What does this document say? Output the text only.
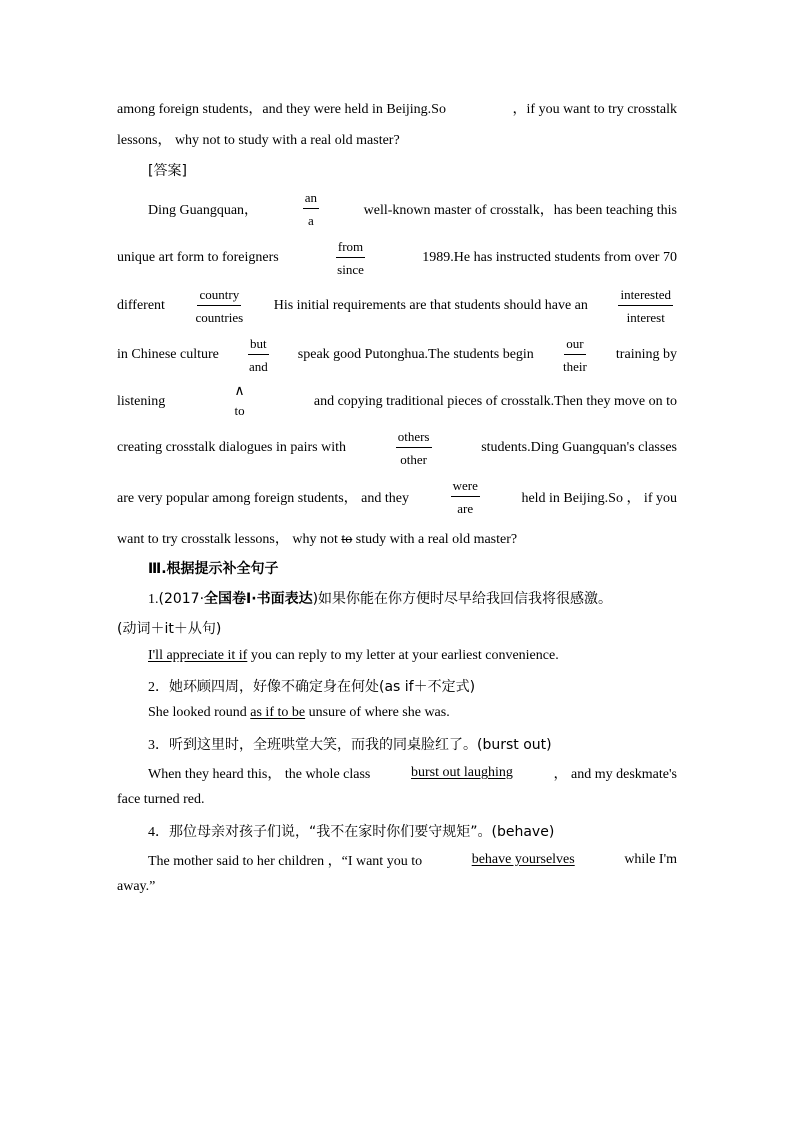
among foreign students，and they were held in Beijing.So	，if you want to try crosstalk
lessons， why not to study with a real old master?
[答案]
Ding Guangquan，
an
a
well-known master of crosstalk，has been teaching this
unique art form to foreigners
from
since
1989.He has instructed students from over 70
different
country
countries
His initial requirements are that students should have an
interested
interest
in Chinese culture
but
and
speak good Putonghua.The students begin
our
their
training by
listening
∧
to
and copying traditional pieces of crosstalk.Then they move on to
creating crosstalk dialogues in pairs with
others
other
students.Ding Guangquan's classes
are very popular among foreign students， and they
were
are
held in Beijing.So ， if you
want to try crosstalk lessons， why not to study with a real old master?
Ⅲ.根据提示补全句子
1.(2017·全国卷Ⅰ·书面表达)如果你能在你方便时尽早给我回信我将很感激。
(动词＋it＋从句)
I'll appreciate it if you can reply to my letter at your earliest convenience.
2．她环顾四周，好像不确定身在何处(as if＋不定式)
She looked round as if to be unsure of where she was.
3．听到这里时，全班哄堂大笑，而我的同桌脸红了。(burst out)
When they heard this， the whole class	burst out laughing	， and my deskmate's
face turned red.
4．那位母亲对孩子们说，“我不在家时你们要守规矩”。(behave)
The mother said to her children ，“I want you to	behave yourselves	while I'm
away.”
